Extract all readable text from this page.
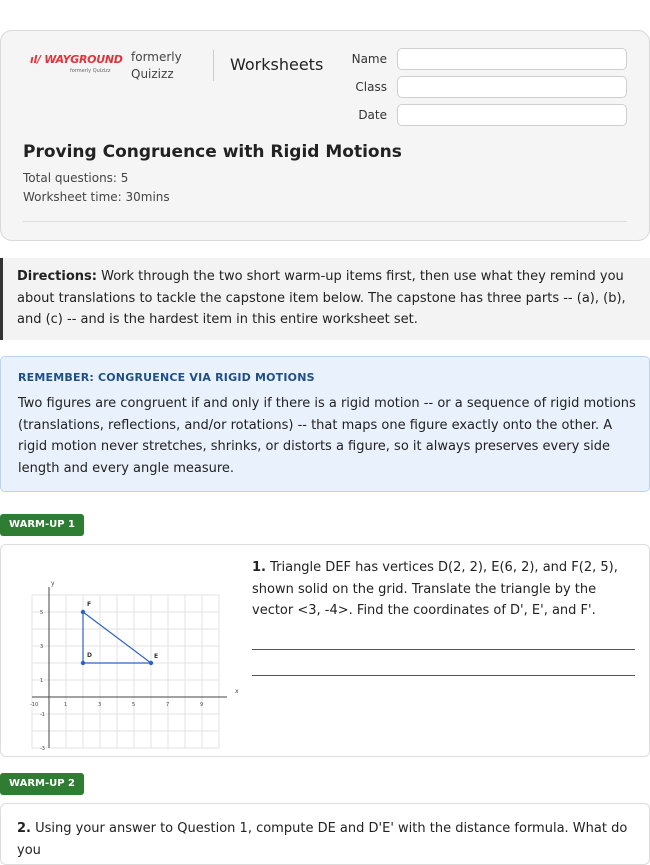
ıl/ WAYGROUND
formerly Quizizz
formerly Quizizz	Worksheets	Name
Class
Date
Proving Congruence with Rigid Motions
Total questions: 5
Worksheet time: 30mins
Directions: Work through the two short warm-up items first, then use what they remind you about translations to tackle the capstone item below. The capstone has three parts -- (a), (b), and (c) -- and is the hardest item in this entire worksheet set.
REMEMBER: CONGRUENCE VIA RIGID MOTIONS
Two figures are congruent if and only if there is a rigid motion -- or a sequence of rigid motions (translations, reflections, and/or rotations) -- that maps one figure exactly onto the other. A rigid motion never stretches, shrinks, or distorts a figure, so it always preserves every side length and every angle measure.
WARM-UP 1
x
y
0
-1	1	3	5	7	9
-3
-1
1
3
5
D	E
F
1. Triangle DEF has vertices D(2, 2), E(6, 2), and F(2, 5), shown solid on the grid. Translate the triangle by the vector <3, -4>. Find the coordinates of D', E', and F'.
WARM-UP 2
2. Using your answer to Question 1, compute DE and D'E' with the distance formula. What do you
